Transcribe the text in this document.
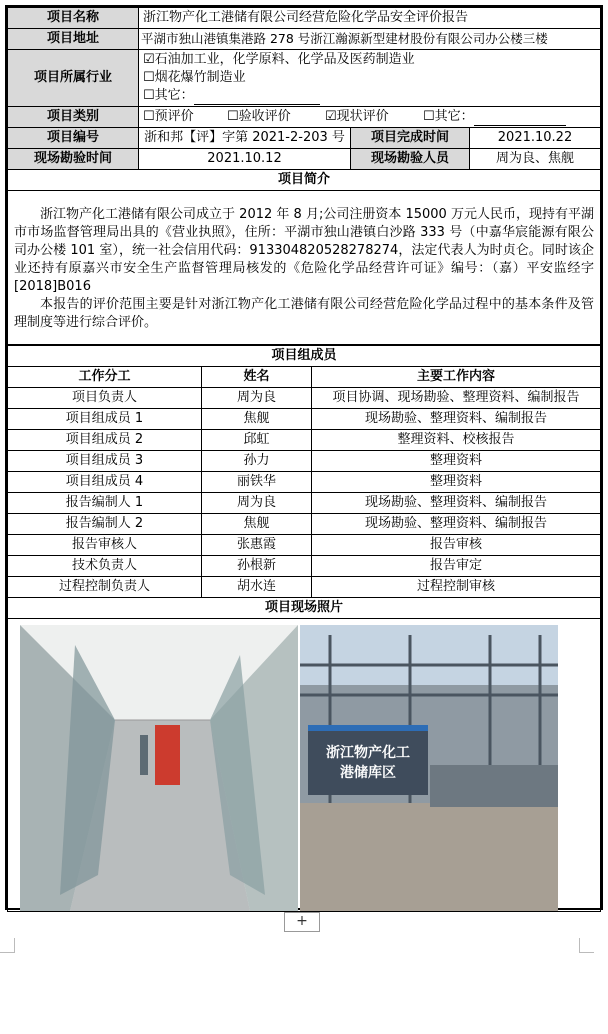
项目名称	浙江物产化工港储有限公司经营危险化学品安全评价报告		
项目地址	平湖市独山港镇集港路 278 号浙江瀚源新型建材股份有限公司办公楼三楼		
项目所属行业	☑石油加工业，化学原料、化学品及医药制造业
☐烟花爆竹制造业
☐其它：		

项目类别	☐预评价 ☐验收评价 ☑现状评价 ☐其它：		
项目编号	浙和邦【评】字第 2021-2-203 号	项目完成时间	2021.10.22
现场勘验时间	2021.10.12	现场勘验人员	周为良、焦舰
项目简介			

浙江物产化工港储有限公司成立于 2012 年 8 月;公司注册资本 15000 万元人民币，现持有平湖市市场监督管理局出具的《营业执照》，住所：平湖市独山港镇白沙路 333 号（中嘉华宸能源有限公司办公楼 101 室），统一社会信用代码：913304820528278274，法定代表人为时贞仑。同时该企业还持有原嘉兴市安全生产监督管理局核发的《危险化学品经营许可证》编号：（嘉）平安监经字[2018]B016

本报告的评价范围主要是针对浙江物产化工港储有限公司经营危险化学品过程中的基本条件及管理制度等进行综合评价。			

项目组成员		
工作分工	姓名	主要工作内容
项目负责人	周为良	项目协调、现场勘验、整理资料、编制报告
项目组成员 1	焦舰	现场勘验、整理资料、编制报告
项目组成员 2	邱虹	整理资料、校核报告
项目组成员 3	孙力	整理资料
项目组成员 4	丽铁华	整理资料
报告编制人 1	周为良	现场勘验、整理资料、编制报告
报告编制人 2	焦舰	现场勘验、整理资料、编制报告
报告审核人	张惠霞	报告审核
技术负责人	孙根新	报告审定
过程控制负责人	胡水连	过程控制审核
项目现场照片		

浙江物产化工
港储库区		
+
